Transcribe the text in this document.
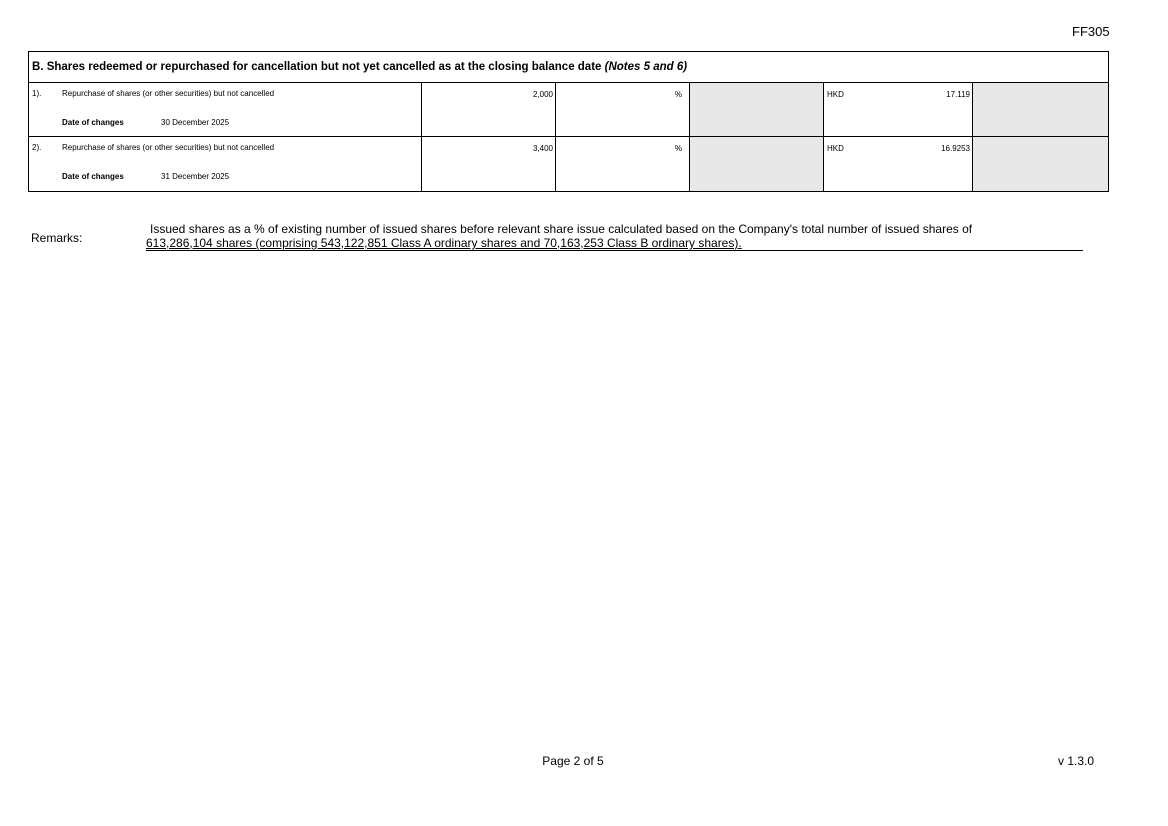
FF305
B. Shares redeemed or repurchased for cancellation but not yet cancelled as at the closing balance date (Notes 5 and 6)
1).	Repurchase of shares (or other securities) but not cancelled
Date of changes	30 December 2025
2,000	%	HKD	17.119
2).	Repurchase of shares (or other securities) but not cancelled
Date of changes	31 December 2025
3,400	%	HKD	16.9253
Remarks:
Issued shares as a % of existing number of issued shares before relevant share issue calculated based on the Company's total number of issued shares of
613,286,104 shares (comprising 543,122,851 Class A ordinary shares and 70,163,253 Class B ordinary shares).
Page 2 of 5	v 1.3.0
